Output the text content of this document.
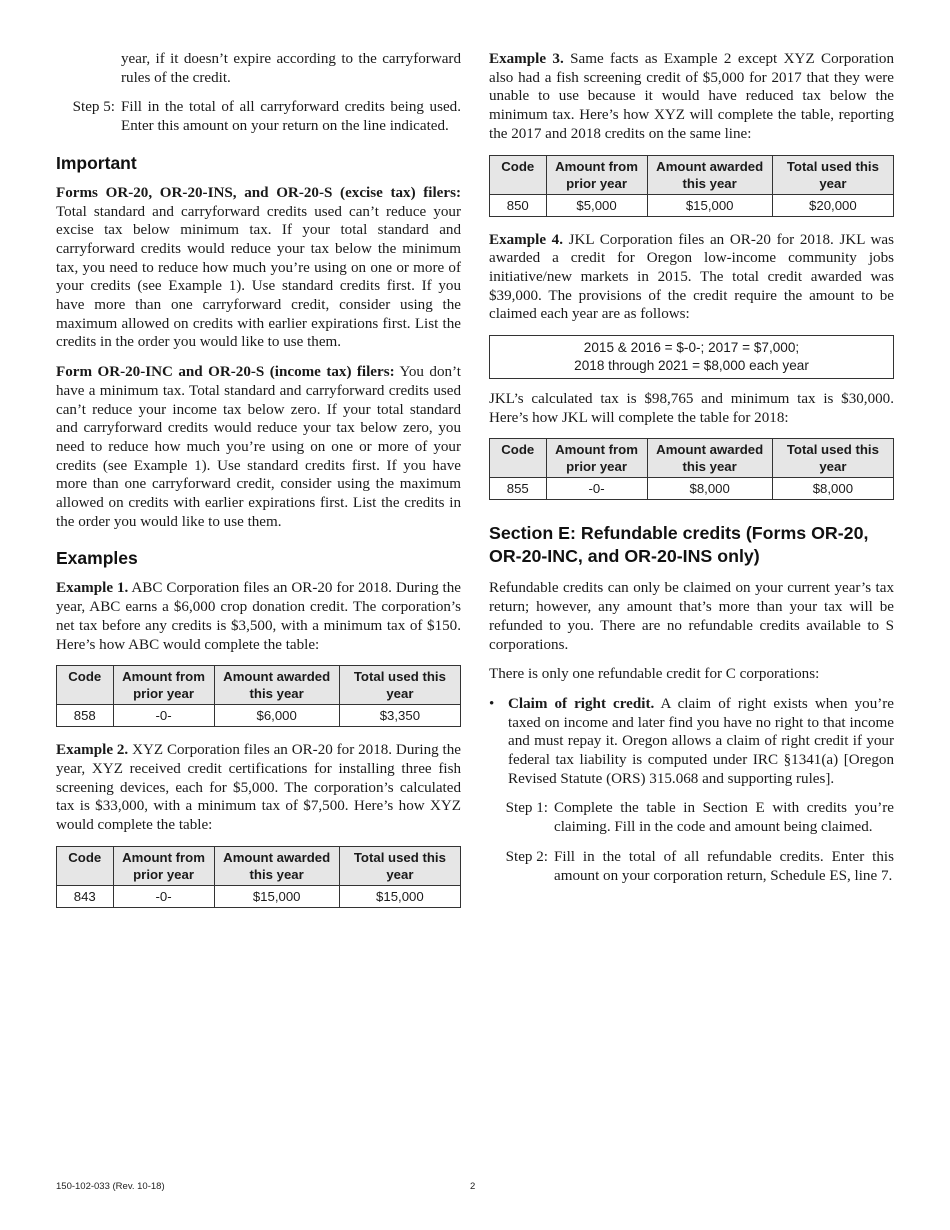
year, if it doesn’t expire according to the carryforward rules of the credit.

Step 5: Fill in the total of all carryforward credits being used. Enter this amount on your return on the line indicated.

Important

Forms OR-20, OR-20-INS, and OR-20-S (excise tax) filers: Total standard and carryforward credits used can’t reduce your excise tax below minimum tax. If your total standard and carryforward credits would reduce your tax below the minimum tax, you need to reduce how much you’re using on one or more of your credits (see Example 1). Use standard credits first. If you have more than one carryforward credit, consider using the maximum allowed on credits with earlier expirations first. List the credits in the order you would like to use them.

Form OR-20-INC and OR-20-S (income tax) filers: You don’t have a minimum tax. Total standard and carryforward credits used can’t reduce your income tax below zero. If your total standard and carryforward credits would reduce your tax below zero, you need to reduce how much you’re using on one or more of your credits (see Example 1). Use standard credits first. If you have more than one carryforward credit, consider using the maximum allowed on credits with earlier expirations first. List the credits in the order you would like to use them.

Examples

Example 1. ABC Corporation files an OR-20 for 2018. During the year, ABC earns a $6,000 crop donation credit. The corporation’s net tax before any credits is $3,500, with a minimum tax of $150. Here’s how ABC would complete the table:

Code	Amount from prior year	Amount awarded this year	Total used this year
858	-0-	$6,000	$3,350

Example 2. XYZ Corporation files an OR-20 for 2018. During the year, XYZ received credit certifications for installing three fish screening devices, each for $5,000. The corporation’s calculated tax is $33,000, with a minimum tax of $7,500. Here’s how XYZ would complete the table:

Code	Amount from prior year	Amount awarded this year	Total used this year
843	-0-	$15,000	$15,000

Example 3. Same facts as Example 2 except XYZ Corporation also had a fish screening credit of $5,000 for 2017 that they were unable to use because it would have reduced tax below the minimum tax. Here’s how XYZ will complete the table, reporting the 2017 and 2018 credits on the same line:

Code	Amount from prior year	Amount awarded this year	Total used this year
850	$5,000	$15,000	$20,000

Example 4. JKL Corporation files an OR-20 for 2018. JKL was awarded a credit for Oregon low-income community jobs initiative/new markets in 2015. The total credit awarded was $39,000. The provisions of the credit require the amount to be claimed each year are as follows:

2015 & 2016 = $-0-; 2017 = $7,000;
2018 through 2021 = $8,000 each year

JKL’s calculated tax is $98,765 and minimum tax is $30,000. Here’s how JKL will complete the table for 2018:

Code	Amount from prior year	Amount awarded this year	Total used this year
855	-0-	$8,000	$8,000
Section E: Refundable credits (Forms OR-20, OR-20-INC, and OR-20-INS only)

Refundable credits can only be claimed on your current year’s tax return; however, any amount that’s more than your tax will be refunded to you. There are no refundable credits available to S corporations.

There is only one refundable credit for C corporations:

• Claim of right credit. A claim of right exists when you’re taxed on income and later find you have no right to that income and must repay it. Oregon allows a claim of right credit if your federal tax liability is computed under IRC §1341(a) [Oregon Revised Statute (ORS) 315.068 and supporting rules].

Step 1: Complete the table in Section E with credits you’re claiming. Fill in the code and amount being claimed.

Step 2: Fill in the total of all refundable credits. Enter this amount on your corporation return, Schedule ES, line 7.

150-102-033 (Rev. 10-18)	2
